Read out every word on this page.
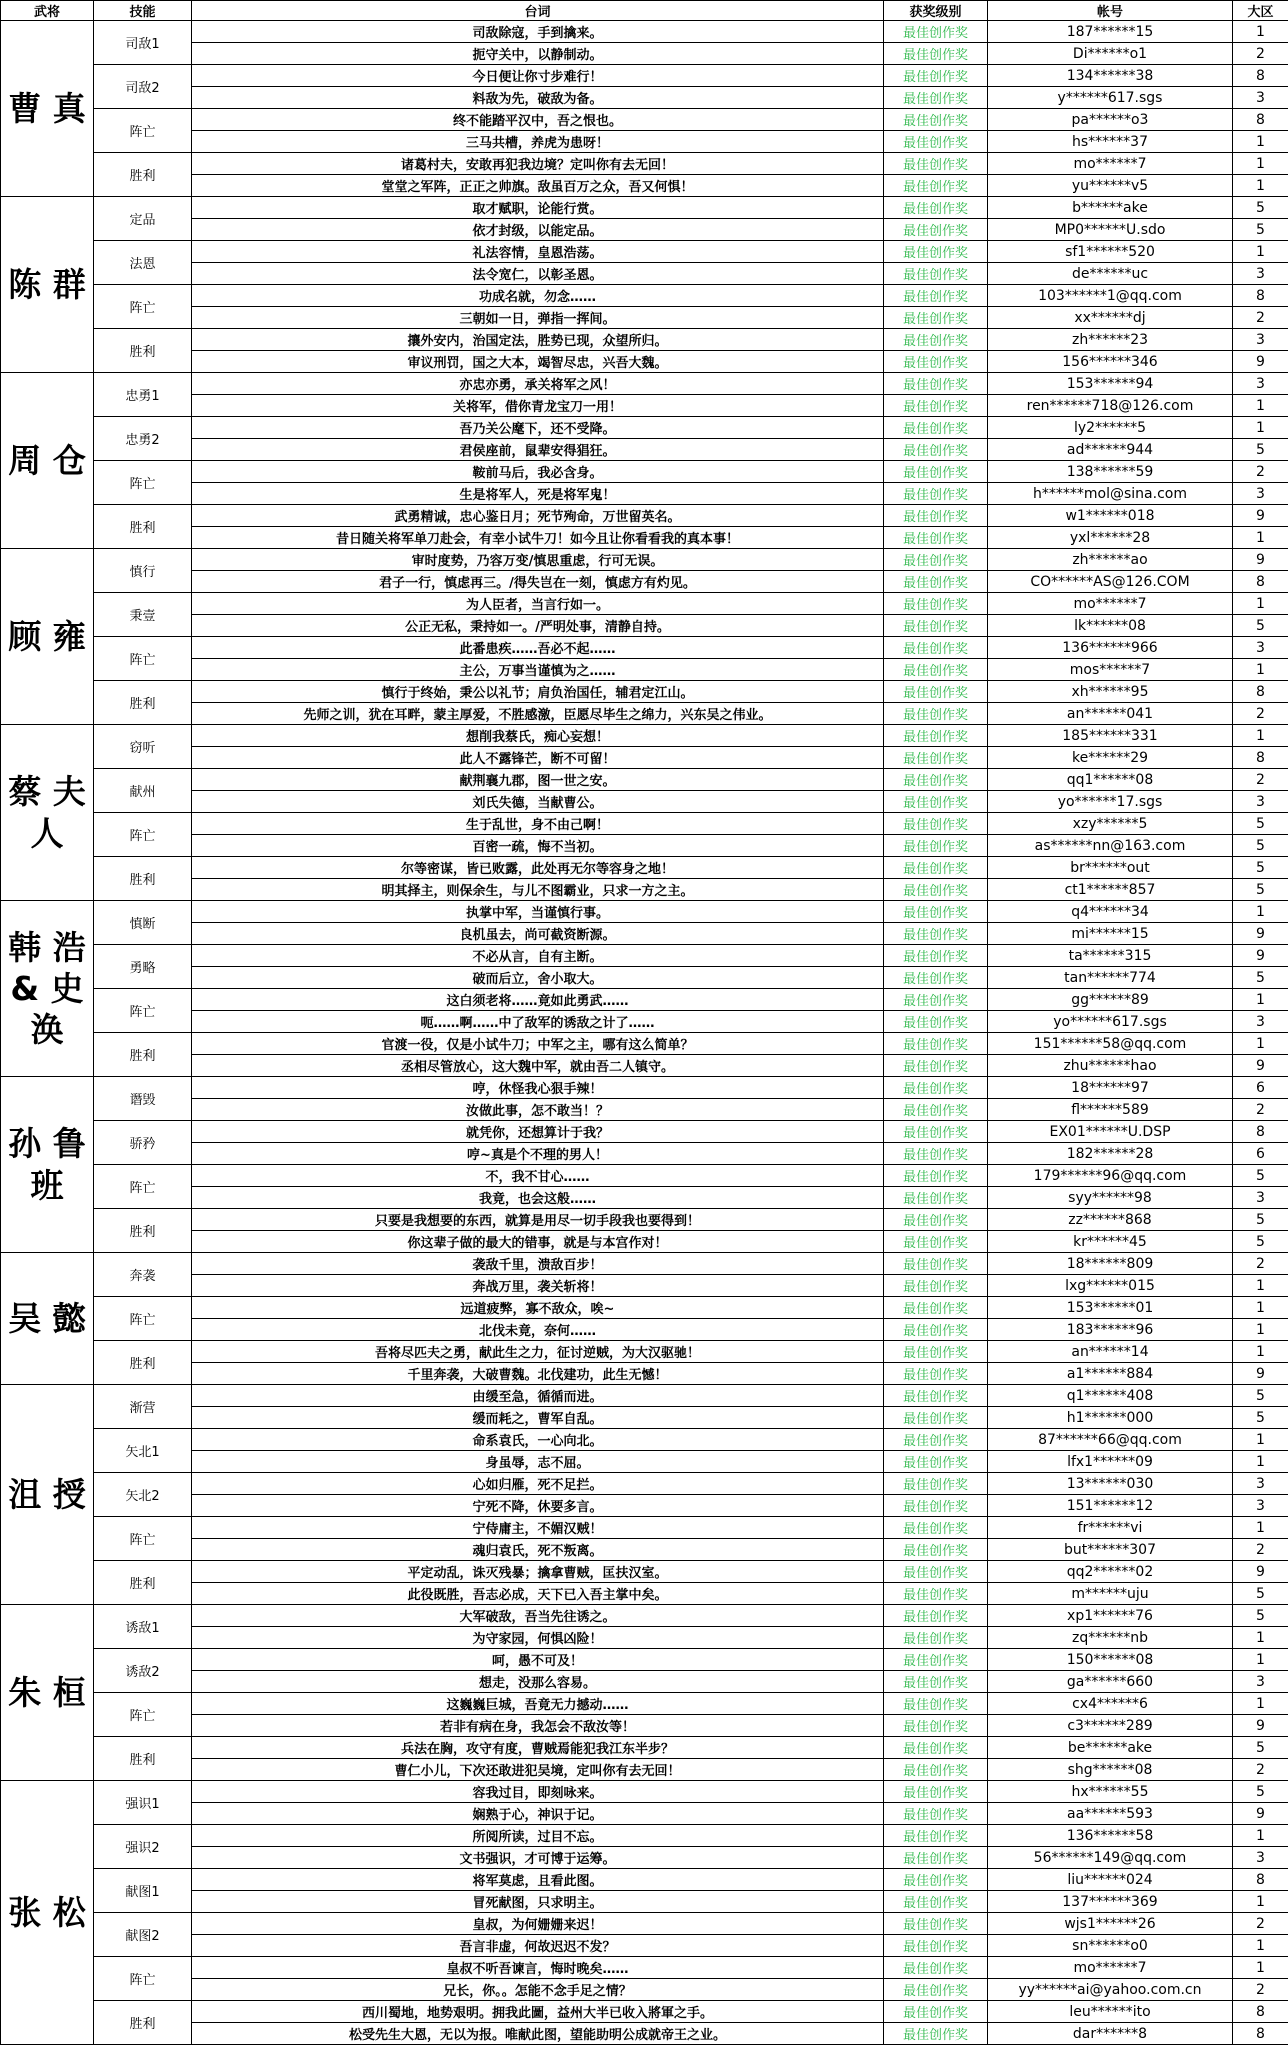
武将	技能	台词	获奖级别	帐号	大区
曹 真	司敌1	司敌除寇，手到擒来。	最佳创作奖	187******15	1
		扼守关中，以静制动。	最佳创作奖	Di******o1	2
	司敌2	今日便让你寸步难行！	最佳创作奖	134******38	8
		料敌为先，破敌为备。	最佳创作奖	y******617.sgs	3
	阵亡	终不能踏平汉中，吾之恨也。	最佳创作奖	pa******o3	8
		三马共槽，养虎为患呀！	最佳创作奖	hs******37	1
	胜利	诸葛村夫，安敢再犯我边境？定叫你有去无回！	最佳创作奖	mo******7	1
		堂堂之军阵，正正之帅旗。敌虽百万之众，吾又何惧！	最佳创作奖	yu******v5	1
陈 群	定品	取才赋职，论能行赏。	最佳创作奖	b******ake	5
		依才封级，以能定品。	最佳创作奖	MP0******U.sdo	5
	法恩	礼法容情，皇恩浩荡。	最佳创作奖	sf1******520	1
		法令宽仁，以彰圣恩。	最佳创作奖	de******uc	3
	阵亡	功成名就，勿念……	最佳创作奖	103******1@qq.com	8
		三朝如一日，弹指一挥间。	最佳创作奖	xx******dj	2
	胜利	攘外安内，治国定法，胜势已现，众望所归。	最佳创作奖	zh******23	3
		审议刑罚，国之大本，竭智尽忠，兴吾大魏。	最佳创作奖	156******346	9
周 仓	忠勇1	亦忠亦勇，承关将军之风！	最佳创作奖	153******94	3
		关将军，借你青龙宝刀一用！	最佳创作奖	ren******718@126.com	1
	忠勇2	吾乃关公麾下，还不受降。	最佳创作奖	ly2******5	1
		君侯座前，鼠辈安得猖狂。	最佳创作奖	ad******944	5
	阵亡	鞍前马后，我必含身。	最佳创作奖	138******59	2
		生是将军人，死是将军鬼！	最佳创作奖	h******mol@sina.com	3
	胜利	武勇精诚，忠心鉴日月；死节殉命，万世留英名。	最佳创作奖	w1******018	9
		昔日随关将军单刀赴会，有幸小试牛刀！如今且让你看看我的真本事！	最佳创作奖	yxl******28	1
顾 雍	慎行	审时度势，乃容万变/慎思重虑，行可无误。	最佳创作奖	zh******ao	9
		君子一行，慎虑再三。/得失岂在一刻，慎虑方有灼见。	最佳创作奖	CO******AS@126.COM	8
	秉壹	为人臣者，当言行如一。	最佳创作奖	mo******7	1
		公正无私，秉持如一。/严明处事，清静自持。	最佳创作奖	lk******08	5
	阵亡	此番患疾……吾必不起……	最佳创作奖	136******966	3
		主公，万事当谨慎为之……	最佳创作奖	mos******7	1
	胜利	慎行于终始，秉公以礼节；肩负治国任，辅君定江山。	最佳创作奖	xh******95	8
		先师之训，犹在耳畔，蒙主厚爱，不胜感激，臣愿尽毕生之绵力，兴东吴之伟业。	最佳创作奖	an******041	2
蔡 夫 人	窃听	想削我蔡氏，痴心妄想！	最佳创作奖	185******331	1
		此人不露锋芒，断不可留！	最佳创作奖	ke******29	8
	献州	献荆襄九郡，图一世之安。	最佳创作奖	qq1******08	2
		刘氏失德，当献曹公。	最佳创作奖	yo******17.sgs	3
	阵亡	生于乱世，身不由己啊！	最佳创作奖	xzy******5	5
		百密一疏，悔不当初。	最佳创作奖	as******nn@163.com	5
	胜利	尔等密谋，皆已败露，此处再无尔等容身之地！	最佳创作奖	br******out	5
		明其择主，则保余生，与儿不图霸业，只求一方之主。	最佳创作奖	ct1******857	5
韩 浩 & 史 涣	慎断	执掌中军，当谨慎行事。	最佳创作奖	q4******34	1
		良机虽去，尚可截资断源。	最佳创作奖	mi******15	9
	勇略	不必从言，自有主断。	最佳创作奖	ta******315	9
		破而后立，舍小取大。	最佳创作奖	tan******774	5
	阵亡	这白须老将……竟如此勇武……	最佳创作奖	gg******89	1
		呃……啊……中了敌军的诱敌之计了……	最佳创作奖	yo******617.sgs	3
	胜利	官渡一役，仅是小试牛刀；中军之主，哪有这么简单？	最佳创作奖	151******58@qq.com	1
		丞相尽管放心，这大魏中军，就由吾二人镇守。	最佳创作奖	zhu******hao	9
孙 鲁 班	谮毁	哼，休怪我心狠手辣！	最佳创作奖	18******97	6
		汝做此事，怎不敢当！？	最佳创作奖	fl******589	2
	骄矜	就凭你，还想算计于我？	最佳创作奖	EX01******U.DSP	8
		哼~真是个不理的男人！	最佳创作奖	182******28	6
	阵亡	不，我不甘心……	最佳创作奖	179******96@qq.com	5
		我竟，也会这般……	最佳创作奖	syy******98	3
	胜利	只要是我想要的东西，就算是用尽一切手段我也要得到！	最佳创作奖	zz******868	5
		你这辈子做的最大的错事，就是与本宫作对！	最佳创作奖	kr******45	5
吴 懿	奔袭	袭敌千里，溃敌百步！	最佳创作奖	18******809	2
		奔战万里，袭关斩将！	最佳创作奖	lxg******015	1
	阵亡	远道疲弊，寡不敌众，唉~	最佳创作奖	153******01	1
		北伐未竟，奈何……	最佳创作奖	183******96	1
	胜利	吾将尽匹夫之勇，献此生之力，征讨逆贼，为大汉驱驰！	最佳创作奖	an******14	1
		千里奔袭，大破曹魏。北伐建功，此生无憾！	最佳创作奖	a1******884	9
沮 授	渐营	由缓至急，循循而进。	最佳创作奖	q1******408	5
		缓而耗之，曹军自乱。	最佳创作奖	h1******000	5
	矢北1	命系袁氏，一心向北。	最佳创作奖	87******66@qq.com	1
		身虽辱，志不屈。	最佳创作奖	lfx1******09	1
	矢北2	心如归雁，死不足拦。	最佳创作奖	13******030	3
		宁死不降，休要多言。	最佳创作奖	151******12	3
	阵亡	宁侍庸主，不媚汉贼！	最佳创作奖	fr******vi	1
		魂归袁氏，死不叛离。	最佳创作奖	but******307	2
	胜利	平定动乱，诛灭残暴；擒拿曹贼，匡扶汉室。	最佳创作奖	qq2******02	9
		此役既胜，吾志必成，天下已入吾主掌中矣。	最佳创作奖	m******uju	5
朱 桓	诱敌1	大军破敌，吾当先往诱之。	最佳创作奖	xp1******76	5
		为守家园，何惧凶险！	最佳创作奖	zq******nb	1
	诱敌2	呵，愚不可及！	最佳创作奖	150******08	1
		想走，没那么容易。	最佳创作奖	ga******660	3
	阵亡	这巍巍巨城，吾竟无力撼动……	最佳创作奖	cx4******6	1
		若非有病在身，我怎会不敌汝等！	最佳创作奖	c3******289	9
	胜利	兵法在胸，攻守有度，曹贼焉能犯我江东半步？	最佳创作奖	be******ake	5
		曹仁小儿，下次还敢进犯吴境，定叫你有去无回！	最佳创作奖	shg******08	2
张 松	强识1	容我过目，即刻咏来。	最佳创作奖	hx******55	5
		娴熟于心，神识于记。	最佳创作奖	aa******593	9
	强识2	所阅所读，过目不忘。	最佳创作奖	136******58	1
		文书强识，才可博于运筹。	最佳创作奖	56******149@qq.com	3
	献图1	将军莫虑，且看此图。	最佳创作奖	liu******024	8
		冒死献图，只求明主。	最佳创作奖	137******369	1
	献图2	皇叔，为何姗姗来迟！	最佳创作奖	wjs1******26	2
		吾言非虚，何故迟迟不发？	最佳创作奖	sn******o0	1
	阵亡	皇叔不听吾谏言，悔时晚矣……	最佳创作奖	mo******7	1
		兄长，你。。怎能不念手足之情？	最佳创作奖	yy******ai@yahoo.com.cn	2
	胜利	西川蜀地，地势艰明。拥我此圖，益州大半已收入將軍之手。	最佳创作奖	leu******ito	8
		松受先生大恩，无以为报。唯献此图，望能助明公成就帝王之业。	最佳创作奖	dar******8	8
